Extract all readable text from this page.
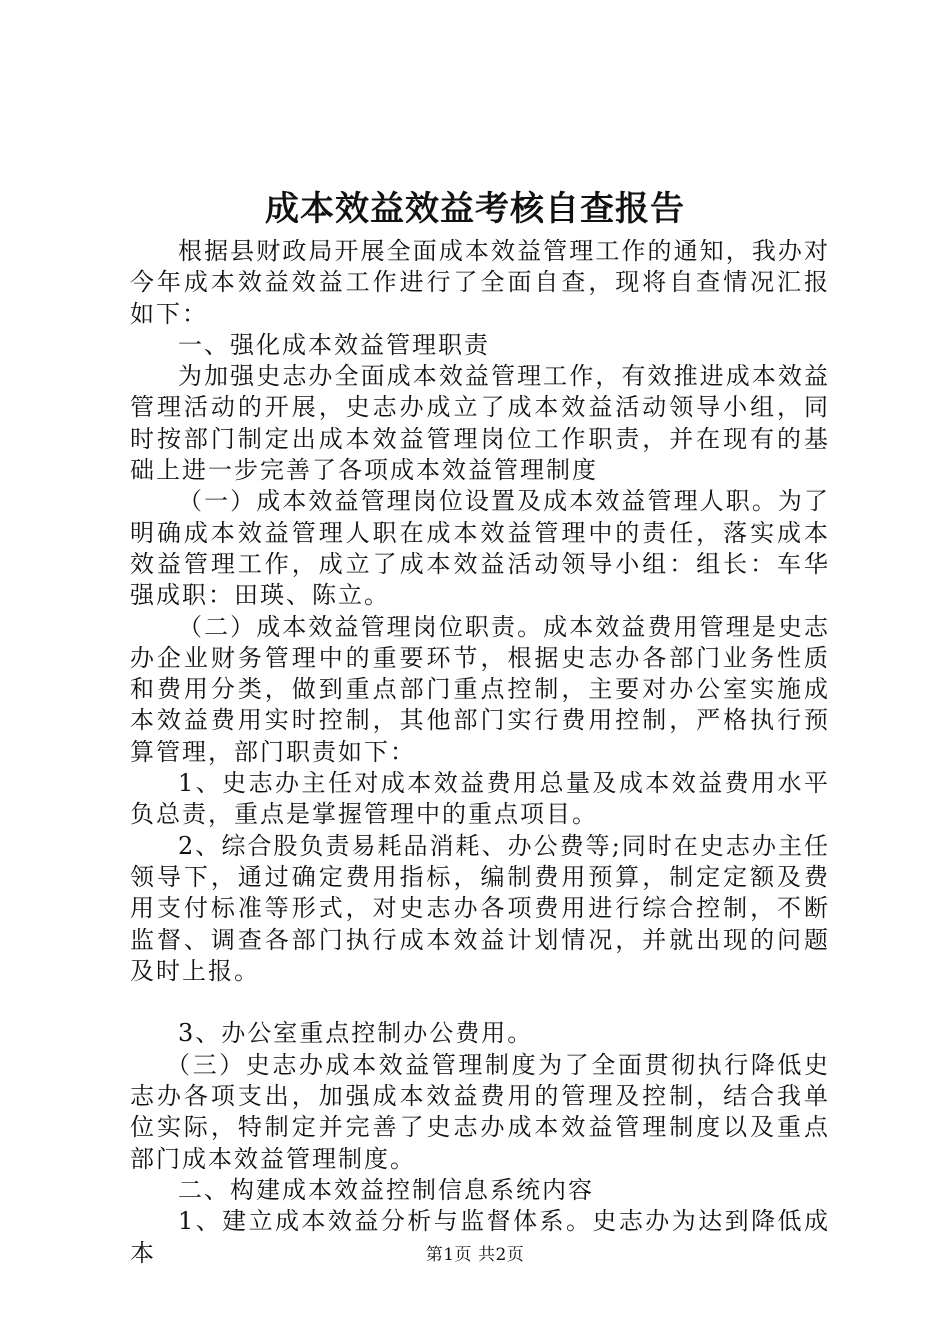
成本效益效益考核自查报告

根据县财政局开展全面成本效益管理工作的通知，我办对今年成本效益效益工作进行了全面自查，现将自查情况汇报如下：

一、强化成本效益管理职责

为加强史志办全面成本效益管理工作，有效推进成本效益管理活动的开展，史志办成立了成本效益活动领导小组，同时按部门制定出成本效益管理岗位工作职责，并在现有的基础上进一步完善了各项成本效益管理制度

（一）成本效益管理岗位设置及成本效益管理人职。为了明确成本效益管理人职在成本效益管理中的责任，落实成本效益管理工作，成立了成本效益活动领导小组：组长：车华强成职：田瑛、陈立。

（二）成本效益管理岗位职责。成本效益费用管理是史志办企业财务管理中的重要环节，根据史志办各部门业务性质和费用分类，做到重点部门重点控制，主要对办公室实施成本效益费用实时控制，其他部门实行费用控制，严格执行预算管理，部门职责如下：

1、史志办主任对成本效益费用总量及成本效益费用水平负总责，重点是掌握管理中的重点项目。

2、综合股负责易耗品消耗、办公费等;同时在史志办主任领导下，通过确定费用指标，编制费用预算，制定定额及费用支付标准等形式，对史志办各项费用进行综合控制，不断监督、调查各部门执行成本效益计划情况，并就出现的问题及时上报。

3、办公室重点控制办公费用。

（三）史志办成本效益管理制度为了全面贯彻执行降低史志办各项支出，加强成本效益费用的管理及控制，结合我单位实际，特制定并完善了史志办成本效益管理制度以及重点部门成本效益管理制度。

二、构建成本效益控制信息系统内容

1、建立成本效益分析与监督体系。史志办为达到降低成本	第1页 共2页
